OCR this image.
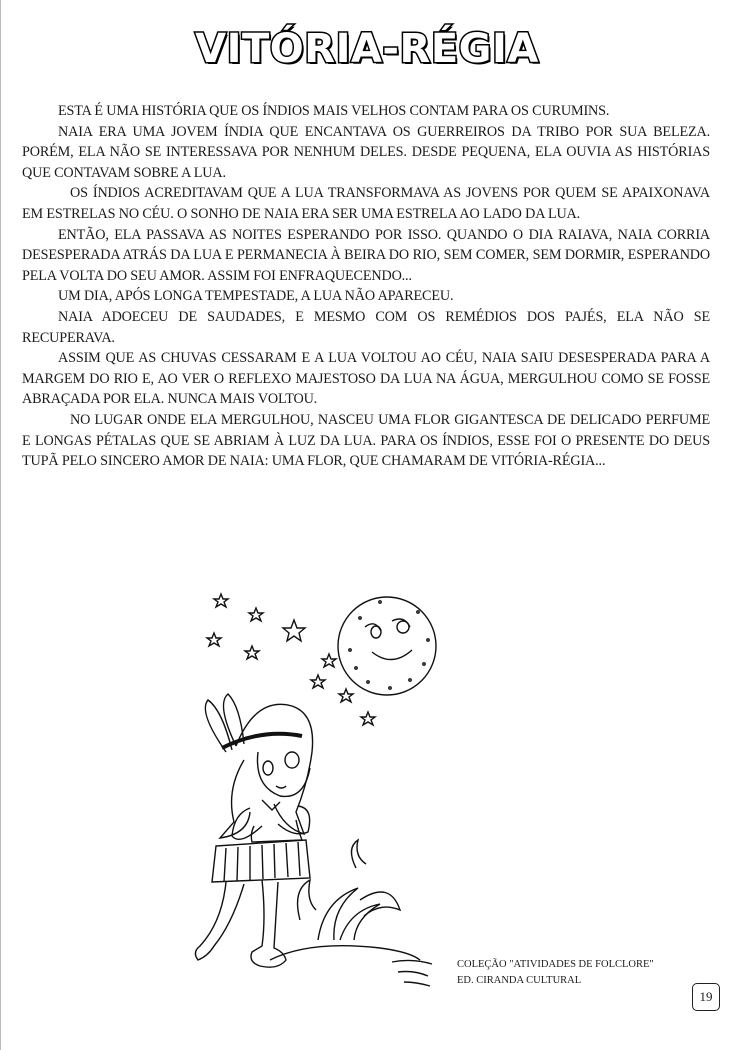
VITÓRIA-RÉGIA

ESTA É UMA HISTÓRIA QUE OS ÍNDIOS MAIS VELHOS CONTAM PARA OS CURUMINS.

NAIA ERA UMA JOVEM ÍNDIA QUE ENCANTAVA OS GUERREIROS DA TRIBO POR SUA BELEZA. PORÉM, ELA NÃO SE INTERESSAVA POR NENHUM DELES. DESDE PEQUENA, ELA OUVIA AS HISTÓRIAS QUE CONTAVAM SOBRE A LUA.

OS ÍNDIOS ACREDITAVAM QUE A LUA TRANSFORMAVA AS JOVENS POR QUEM SE APAIXONAVA EM ESTRELAS NO CÉU. O SONHO DE NAIA ERA SER UMA ESTRELA AO LADO DA LUA.

ENTÃO, ELA PASSAVA AS NOITES ESPERANDO POR ISSO. QUANDO O DIA RAIAVA, NAIA CORRIA DESESPERADA ATRÁS DA LUA E PERMANECIA À BEIRA DO RIO, SEM COMER, SEM DORMIR, ESPERANDO PELA VOLTA DO SEU AMOR. ASSIM FOI ENFRAQUECENDO...

UM DIA, APÓS LONGA TEMPESTADE, A LUA NÃO APARECEU.

NAIA ADOECEU DE SAUDADES, E MESMO COM OS REMÉDIOS DOS PAJÉS, ELA NÃO SE RECUPERAVA.

ASSIM QUE AS CHUVAS CESSARAM E A LUA VOLTOU AO CÉU, NAIA SAIU DESESPERADA PARA A MARGEM DO RIO E, AO VER O REFLEXO MAJESTOSO DA LUA NA ÁGUA, MERGULHOU COMO SE FOSSE ABRAÇADA POR ELA. NUNCA MAIS VOLTOU.

NO LUGAR ONDE ELA MERGULHOU, NASCEU UMA FLOR GIGANTESCA DE DELICADO PERFUME E LONGAS PÉTALAS QUE SE ABRIAM À LUZ DA LUA. PARA OS ÍNDIOS, ESSE FOI O PRESENTE DO DEUS TUPÃ PELO SINCERO AMOR DE NAIA: UMA FLOR, QUE CHAMARAM DE VITÓRIA-RÉGIA...

COLEÇÃO "ATIVIDADES DE FOLCLORE"
ED. CIRANDA CULTURAL
19
